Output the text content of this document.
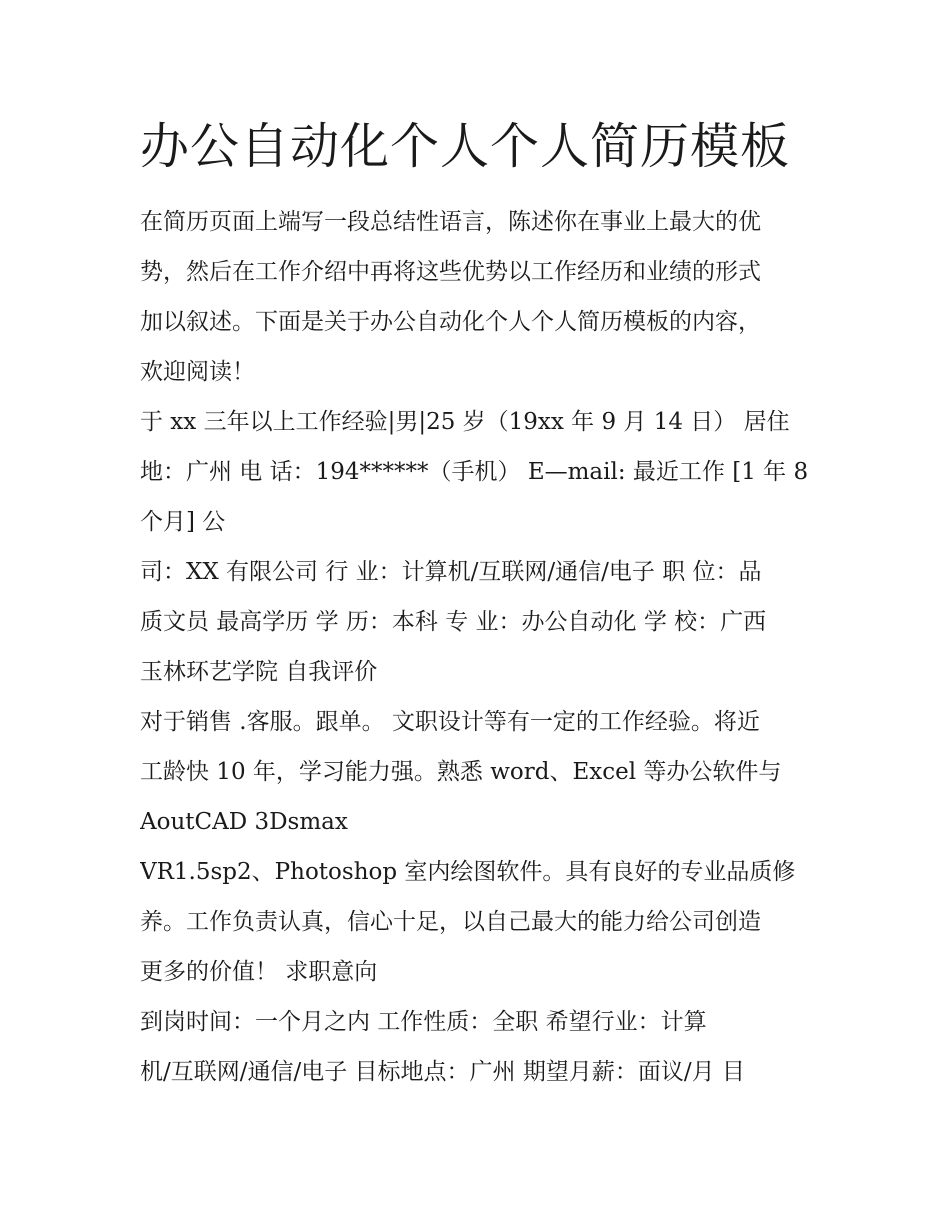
办公自动化个人个人简历模板
在简历页面上端写一段总结性语言，陈述你在事业上最大的优
势，然后在工作介绍中再将这些优势以工作经历和业绩的形式
加以叙述。下面是关于办公自动化个人个人简历模板的内容，
欢迎阅读！
于 xx 三年以上工作经验|男|25 岁（19xx 年 9 月 14 日） 居住
地：广州 电 话：194******（手机） E—mail: 最近工作 [1 年 8
个月] 公
司：XX 有限公司 行 业：计算机/互联网/通信/电子 职 位：品
质文员 最高学历 学 历：本科 专 业：办公自动化 学 校：广西
玉林环艺学院 自我评价
对于销售 .客服。跟单。 文职设计等有一定的工作经验。将近
工龄快 10 年，学习能力强。熟悉 word、Excel 等办公软件与
AoutCAD 3Dsmax
VR1.5sp2、Photoshop 室内绘图软件。具有良好的专业品质修
养。工作负责认真，信心十足，以自己最大的能力给公司创造
更多的价值！ 求职意向
到岗时间：一个月之内 工作性质：全职 希望行业：计算
机/互联网/通信/电子 目标地点：广州 期望月薪：面议/月 目
